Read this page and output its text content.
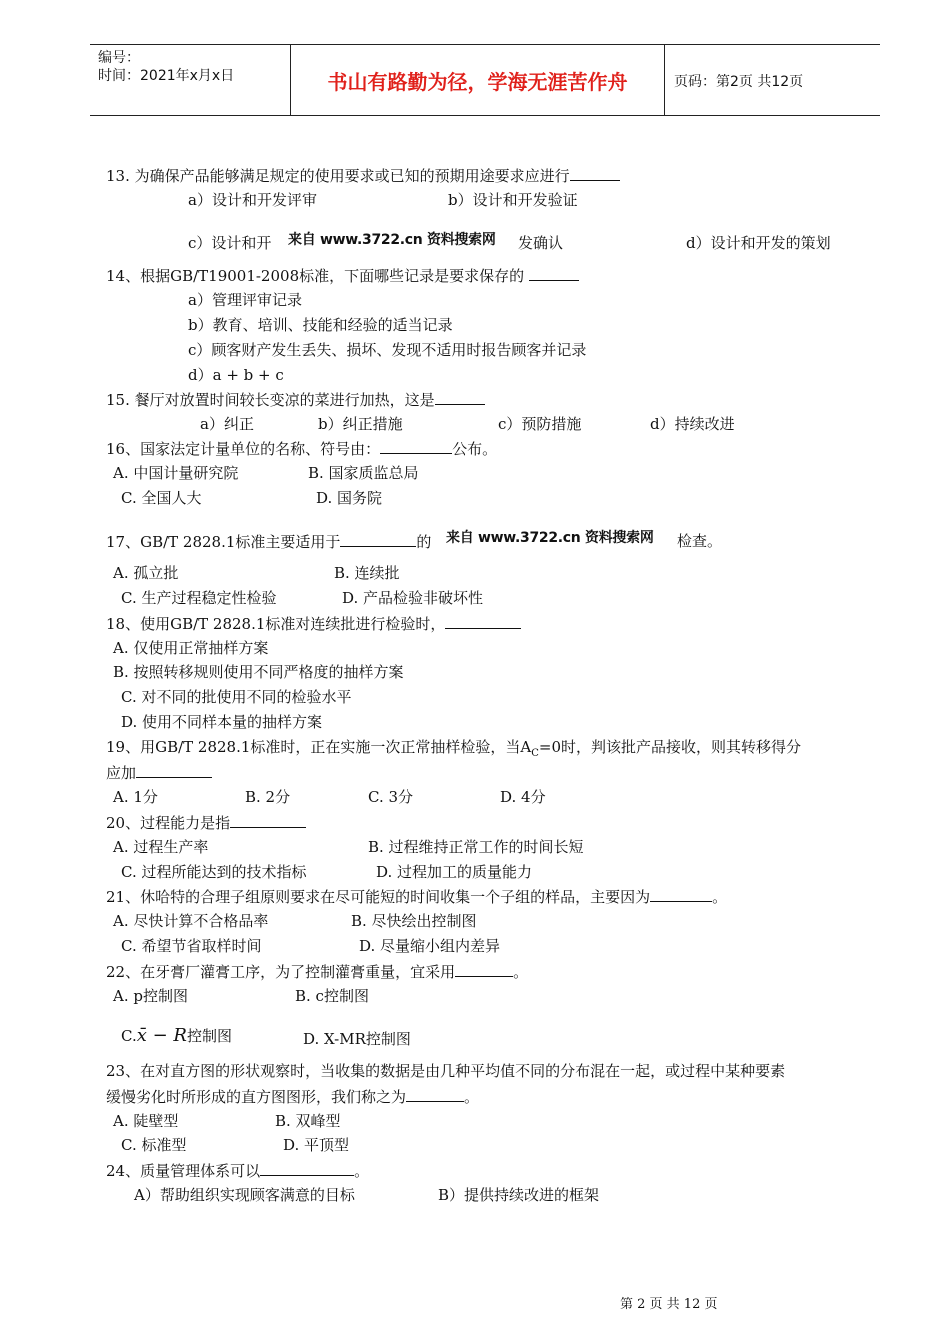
编号：
时间：2021年x月x日	书山有路勤为径，学海无涯苦作舟	页码：第2页 共12页
13. 为确保产品能够满足规定的使用要求或已知的预期用途要求应进行
a）设计和开发评审	b）设计和开发验证
c）设计和开 来自 www.3722.cn 资料搜索网 发确认	d）设计和开发的策划
14、根据GB/T19001-2008标准，下面哪些记录是要求保存的
a）管理评审记录
b）教育、培训、技能和经验的适当记录
c）顾客财产发生丢失、损坏、发现不适用时报告顾客并记录
d）a + b + c
15. 餐厅对放置时间较长变凉的菜进行加热，这是
a）纠正	b）纠正措施	c）预防措施	d）持续改进
16、国家法定计量单位的名称、符号由：	公布。
A. 中国计量研究院	B. 国家质监总局
C. 全国人大	D. 国务院
17、GB/T 2828.1标准主要适用于	的 来自 www.3722.cn 资料搜索网 检查。
A. 孤立批	B. 连续批
C. 生产过程稳定性检验	D. 产品检验非破坏性
18、使用GB/T 2828.1标准对连续批进行检验时，
A. 仅使用正常抽样方案
B. 按照转移规则使用不同严格度的抽样方案
C. 对不同的批使用不同的检验水平
D. 使用不同样本量的抽样方案
19、用GB/T 2828.1标准时，正在实施一次正常抽样检验，当$A_C=0$时，判该批产品接收，则其转移得分
应加
A. 1分	B. 2分	C. 3分	D. 4分
20、过程能力是指
A. 过程生产率	B. 过程维持正常工作的时间长短
C. 过程所能达到的技术指标	D. 过程加工的质量能力
21、休哈特的合理子组原则要求在尽可能短的时间收集一个子组的样品，主要因为	。
A. 尽快计算不合格品率	B. 尽快绘出控制图
C. 希望节省取样时间	D. 尽量缩小组内差异
22、在牙膏厂灌膏工序，为了控制灌膏重量，宜采用	。
A. p控制图	B. c控制图
C.x̄ − R控制图	D. X-MR控制图
23、在对直方图的形状观察时，当收集的数据是由几种平均值不同的分布混在一起，或过程中某种要素
缓慢劣化时所形成的直方图图形，我们称之为	。
A. 陡壁型	B. 双峰型
C. 标准型	D. 平顶型
24、质量管理体系可以	。
A）帮助组织实现顾客满意的目标	B）提供持续改进的框架
第 2 页 共 12 页
